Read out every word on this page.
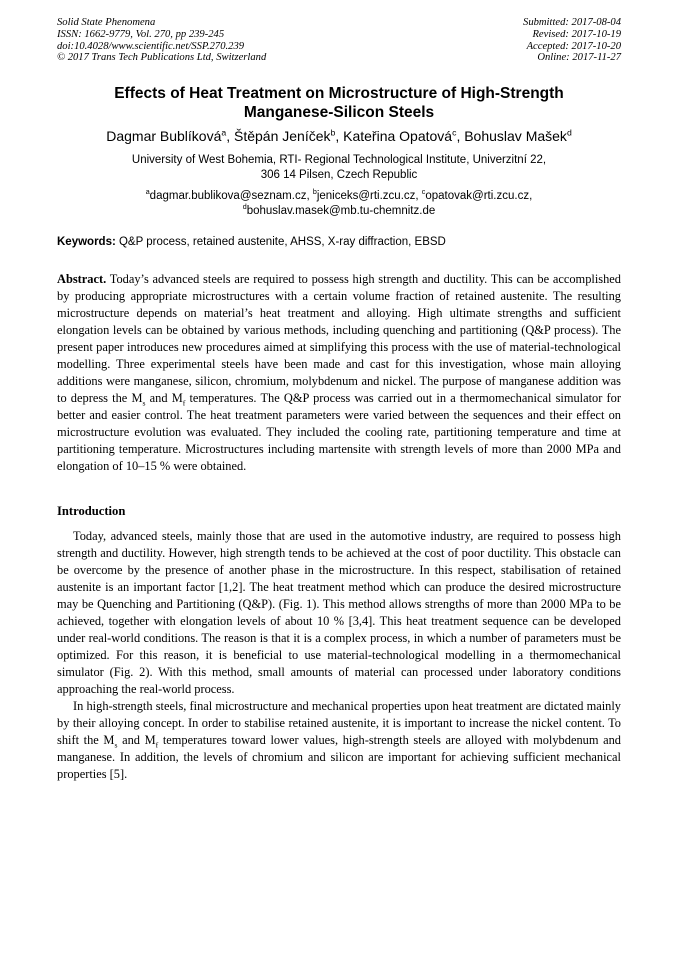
Solid State Phenomena
ISSN: 1662-9779, Vol. 270, pp 239-245
doi:10.4028/www.scientific.net/SSP.270.239
© 2017 Trans Tech Publications Ltd, Switzerland
Submitted: 2017-08-04
Revised: 2017-10-19
Accepted: 2017-10-20
Online: 2017-11-27
Effects of Heat Treatment on Microstructure of High-Strength
Manganese-Silicon Steels
Dagmar Bublíková$^a$, Štěpán Jeníček$^b$, Kateřina Opatová$^c$, Bohuslav Mašek$^d$
University of West Bohemia, RTI- Regional Technological Institute, Univerzitní 22,
306 14 Pilsen, Czech Republic
$^a$dagmar.bublikova@seznam.cz, $^b$jeniceks@rti.zcu.cz, $^c$opatovak@rti.zcu.cz,
$^d$bohuslav.masek@mb.tu-chemnitz.de

Keywords: Q&P process, retained austenite, AHSS, X-ray diffraction, EBSD

Abstract. Today’s advanced steels are required to possess high strength and ductility. This can be accomplished by producing appropriate microstructures with a certain volume fraction of retained austenite. The resulting microstructure depends on material’s heat treatment and alloying. High ultimate strengths and sufficient elongation levels can be obtained by various methods, including quenching and partitioning (Q&P process). The present paper introduces new procedures aimed at simplifying this process with the use of material-technological modelling. Three experimental steels have been made and cast for this investigation, whose main alloying additions were manganese, silicon, chromium, molybdenum and nickel. The purpose of manganese addition was to depress the $M_s$ and $M_f$ temperatures. The Q&P process was carried out in a thermomechanical simulator for better and easier control. The heat treatment parameters were varied between the sequences and their effect on microstructure evolution was evaluated. They included the cooling rate, partitioning temperature and time at partitioning temperature. Microstructures including martensite with strength levels of more than 2000 MPa and elongation of 10–15 % were obtained.

Introduction

Today, advanced steels, mainly those that are used in the automotive industry, are required to possess high strength and ductility. However, high strength tends to be achieved at the cost of poor ductility. This obstacle can be overcome by the presence of another phase in the microstructure. In this respect, stabilisation of retained austenite is an important factor [1,2]. The heat treatment method which can produce the desired microstructure may be Quenching and Partitioning (Q&P). (Fig. 1). This method allows strengths of more than 2000 MPa to be achieved, together with elongation levels of about 10 % [3,4]. This heat treatment sequence can be developed under real-world conditions. The reason is that it is a complex process, in which a number of parameters must be optimized. For this reason, it is beneficial to use material-technological modelling in a thermomechanical simulator (Fig. 2). With this method, small amounts of material can processed under laboratory conditions approaching the real-world process.

In high-strength steels, final microstructure and mechanical properties upon heat treatment are dictated mainly by their alloying concept. In order to stabilise retained austenite, it is important to increase the nickel content. To shift the $M_s$ and $M_f$ temperatures toward lower values, high-strength steels are alloyed with molybdenum and manganese. In addition, the levels of chromium and silicon are important for achieving sufficient mechanical properties [5].
